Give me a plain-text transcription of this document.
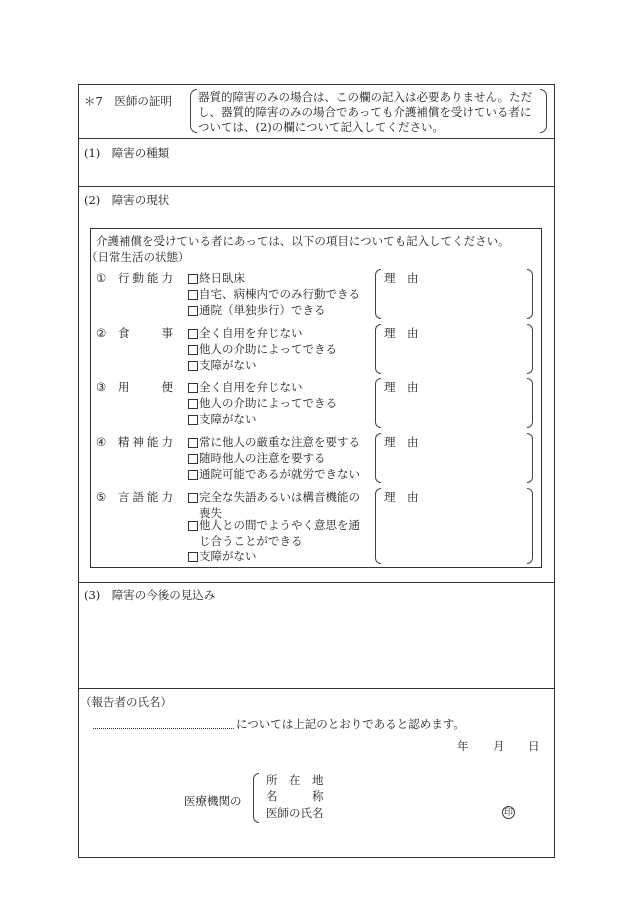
＊7　医師の証明 器質的障害のみの場合は、この欄の記入は必要ありません。ただ
し、器質的障害のみの場合であっても介護補償を受けている者に
ついては、(2)の欄について記入してください。
(1)　障害の種類
(2)　障害の現状
介護補償を受けている者にあっては、以下の項目についても記入してください。
（日常生活の状態）
① 行動能力 終日臥床
自宅、病棟内でのみ行動できる
通院（単独歩行）できる
理　由
② 食　　事 全く自用を弁じない
他人の介助によってできる
支障がない
理　由
③ 用　　便 全く自用を弁じない
他人の介助によってできる
支障がない
理　由
④ 精神能力 常に他人の厳重な注意を要する
随時他人の注意を要する
通院可能であるが就労できない
理　由
⑤ 言語能力 完全な失語あるいは構音機能の
喪失
他人との間でようやく意思を通
じ合うことができる
支障がない
理　由
(3)　障害の今後の見込み
（報告者の氏名）
については上記のとおりであると認めます。
年 月 日
医療機関の
所　在　地
名　　　称
医師の氏名	印
